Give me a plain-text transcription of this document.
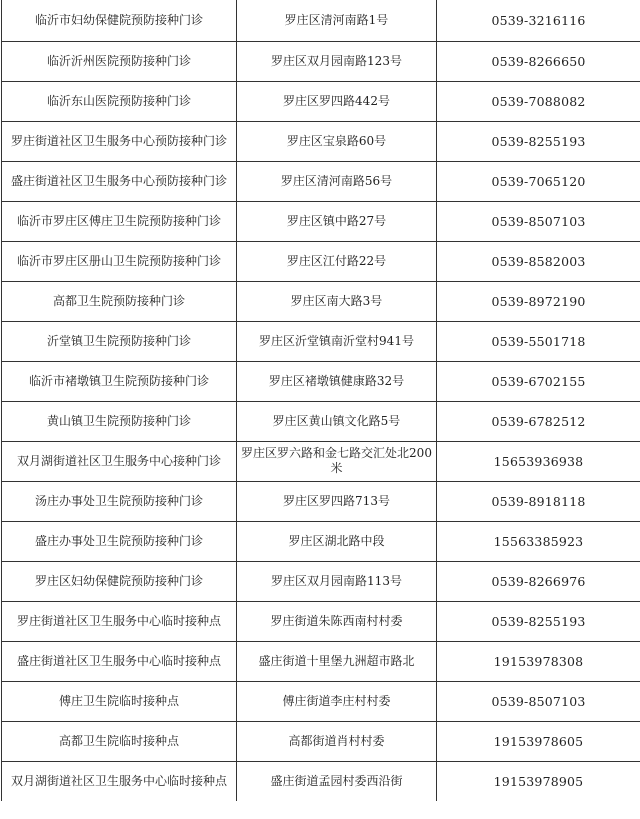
临沂市妇幼保健院预防接种门诊	罗庄区清河南路1号	0539-3216116
临沂沂州医院预防接种门诊	罗庄区双月园南路123号	0539-8266650
临沂东山医院预防接种门诊	罗庄区罗四路442号	0539-7088082
罗庄街道社区卫生服务中心预防接种门诊	罗庄区宝泉路60号	0539-8255193
盛庄街道社区卫生服务中心预防接种门诊	罗庄区清河南路56号	0539-7065120
临沂市罗庄区傅庄卫生院预防接种门诊	罗庄区镇中路27号	0539-8507103
临沂市罗庄区册山卫生院预防接种门诊	罗庄区江付路22号	0539-8582003
高都卫生院预防接种门诊	罗庄区南大路3号	0539-8972190
沂堂镇卫生院预防接种门诊	罗庄区沂堂镇南沂堂村941号	0539-5501718
临沂市褚墩镇卫生院预防接种门诊	罗庄区褚墩镇健康路32号	0539-6702155
黄山镇卫生院预防接种门诊	罗庄区黄山镇文化路5号	0539-6782512
双月湖街道社区卫生服务中心接种门诊	罗庄区罗六路和金七路交汇处北200米	15653936938
汤庄办事处卫生院预防接种门诊	罗庄区罗四路713号	0539-8918118
盛庄办事处卫生院预防接种门诊	罗庄区湖北路中段	15563385923
罗庄区妇幼保健院预防接种门诊	罗庄区双月园南路113号	0539-8266976
罗庄街道社区卫生服务中心临时接种点	罗庄街道朱陈西南村村委	0539-8255193
盛庄街道社区卫生服务中心临时接种点	盛庄街道十里堡九洲超市路北	19153978308
傅庄卫生院临时接种点	傅庄街道李庄村村委	0539-8507103
高都卫生院临时接种点	高都街道肖村村委	19153978605
双月湖街道社区卫生服务中心临时接种点	盛庄街道孟园村委西沿街	19153978905
